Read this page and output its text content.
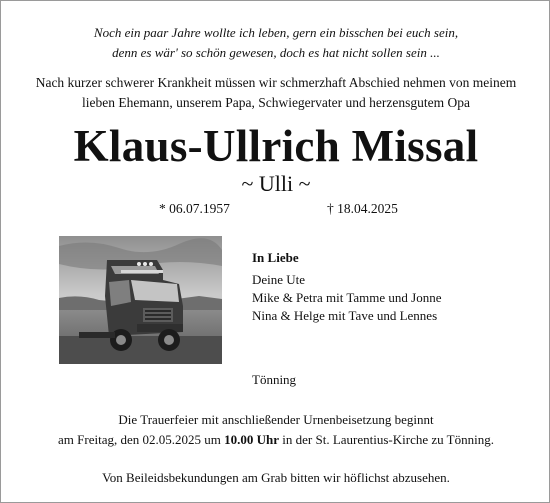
Noch ein paar Jahre wollte ich leben, gern ein bisschen bei euch sein,
denn es wär' so schön gewesen, doch es hat nicht sollen sein ...
Nach kurzer schwerer Krankheit müssen wir schmerzhaft Abschied nehmen von meinem
lieben Ehemann, unserem Papa, Schwiegervater und herzensgutem Opa
Klaus-Ullrich Missal
~ Ulli ~
* 06.07.1957	† 18.04.2025
In Liebe
Deine Ute
Mike & Petra mit Tamme und Jonne
Nina & Helge mit Tave und Lennes
Tönning
Die Trauerfeier mit anschließender Urnenbeisetzung beginnt
am Freitag, den 02.05.2025 um 10.00 Uhr in der St. Laurentius-Kirche zu Tönning.
Von Beileidsbekundungen am Grab bitten wir höflichst abzusehen.
